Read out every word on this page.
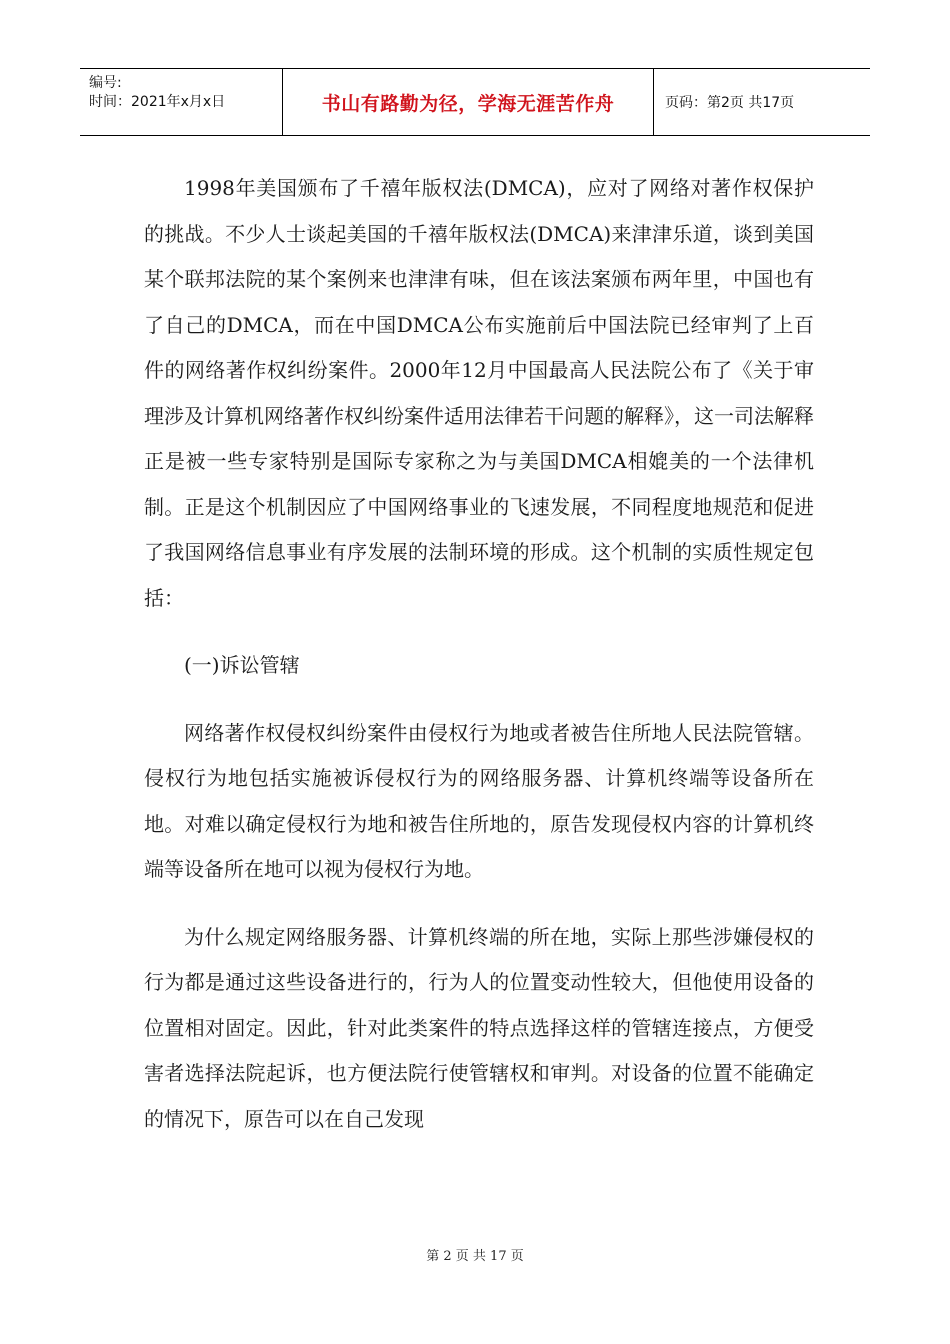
编号:
时间：2021年x月x日	书山有路勤为径，学海无涯苦作舟	页码：第2页 共17页

1998年美国颁布了千禧年版权法(DMCA)，应对了网络对著作权保护的挑战。不少人士谈起美国的千禧年版权法(DMCA)来津津乐道，谈到美国某个联邦法院的某个案例来也津津有味，但在该法案颁布两年里，中国也有了自己的DMCA，而在中国DMCA公布实施前后中国法院已经审判了上百件的网络著作权纠纷案件。2000年12月中国最高人民法院公布了《关于审理涉及计算机网络著作权纠纷案件适用法律若干问题的解释》，这一司法解释正是被一些专家特别是国际专家称之为与美国DMCA相媲美的一个法律机制。正是这个机制因应了中国网络事业的飞速发展，不同程度地规范和促进了我国网络信息事业有序发展的法制环境的形成。这个机制的实质性规定包括：

(一)诉讼管辖

网络著作权侵权纠纷案件由侵权行为地或者被告住所地人民法院管辖。侵权行为地包括实施被诉侵权行为的网络服务器、计算机终端等设备所在地。对难以确定侵权行为地和被告住所地的，原告发现侵权内容的计算机终端等设备所在地可以视为侵权行为地。

为什么规定网络服务器、计算机终端的所在地，实际上那些涉嫌侵权的行为都是通过这些设备进行的，行为人的位置变动性较大，但他使用设备的位置相对固定。因此，针对此类案件的特点选择这样的管辖连接点，方便受害者选择法院起诉，也方便法院行使管辖权和审判。对设备的位置不能确定的情况下，原告可以在自己发现

第 2 页 共 17 页
